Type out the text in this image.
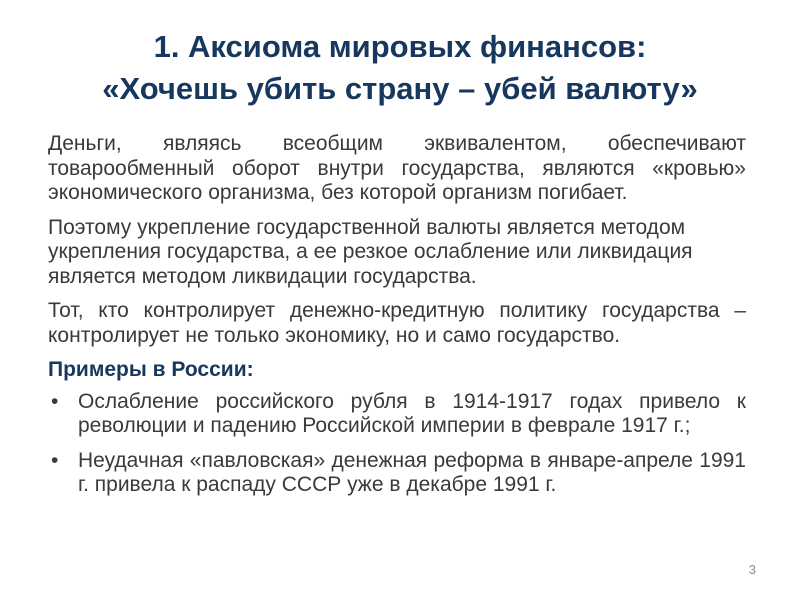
1. Аксиома мировых финансов:
«Хочешь убить страну – убей валюту»

Деньги, являясь всеобщим эквивалентом, обеспечивают товарообменный оборот внутри государства, являются «кровью» экономического организма, без которой организм погибает.

Поэтому укрепление государственной валюты является методом укрепления государства, а ее резкое ослабление или ликвидация является методом ликвидации государства.

Тот, кто контролирует денежно-кредитную политику государства – контролирует не только экономику, но и само государство.

Примеры в России:

• Ослабление российского рубля в 1914-1917 годах привело к революции и падению Российской империи в феврале 1917 г.;
• Неудачная «павловская» денежная реформа в январе-апреле 1991 г. привела к распаду СССР уже в декабре 1991 г.
3
